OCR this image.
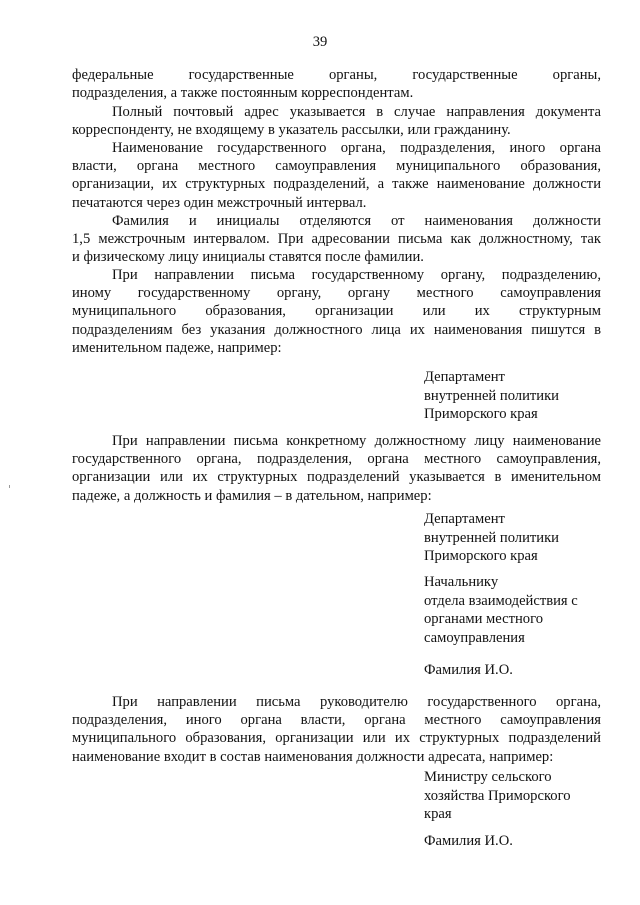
39
федеральные государственные органы, государственные органы,
подразделения, а также постоянным корреспондентам.
Полный почтовый адрес указывается в случае направления документа
корреспонденту, не входящему в указатель рассылки, или гражданину.
Наименование государственного органа, подразделения, иного органа
власти, органа местного самоуправления муниципального образования,
организации, их структурных подразделений, а также наименование должности
печатаются через один межстрочный интервал.
Фамилия и инициалы отделяются от наименования должности
1,5 межстрочным интервалом. При адресовании письма как должностному, так
и физическому лицу инициалы ставятся после фамилии.
При направлении письма государственному органу, подразделению,
иному государственному органу, органу местного самоуправления
муниципального образования, организации или их структурным
подразделениям без указания должностного лица их наименования пишутся в
именительном падеже, например:
Департамент
внутренней политики
Приморского края
При направлении письма конкретному должностному лицу наименование
государственного органа, подразделения, органа местного самоуправления,
организации или их структурных подразделений указывается в именительном
падеже, а должность и фамилия – в дательном, например:
Департамент
внутренней политики
Приморского края
Начальнику
отдела взаимодействия с
органами местного
самоуправления
Фамилия И.О.
При направлении письма руководителю государственного органа,
подразделения, иного органа власти, органа местного самоуправления
муниципального образования, организации или их структурных подразделений
наименование входит в состав наименования должности адресата, например:
Министру сельского
хозяйства Приморского
края
Фамилия И.О.
